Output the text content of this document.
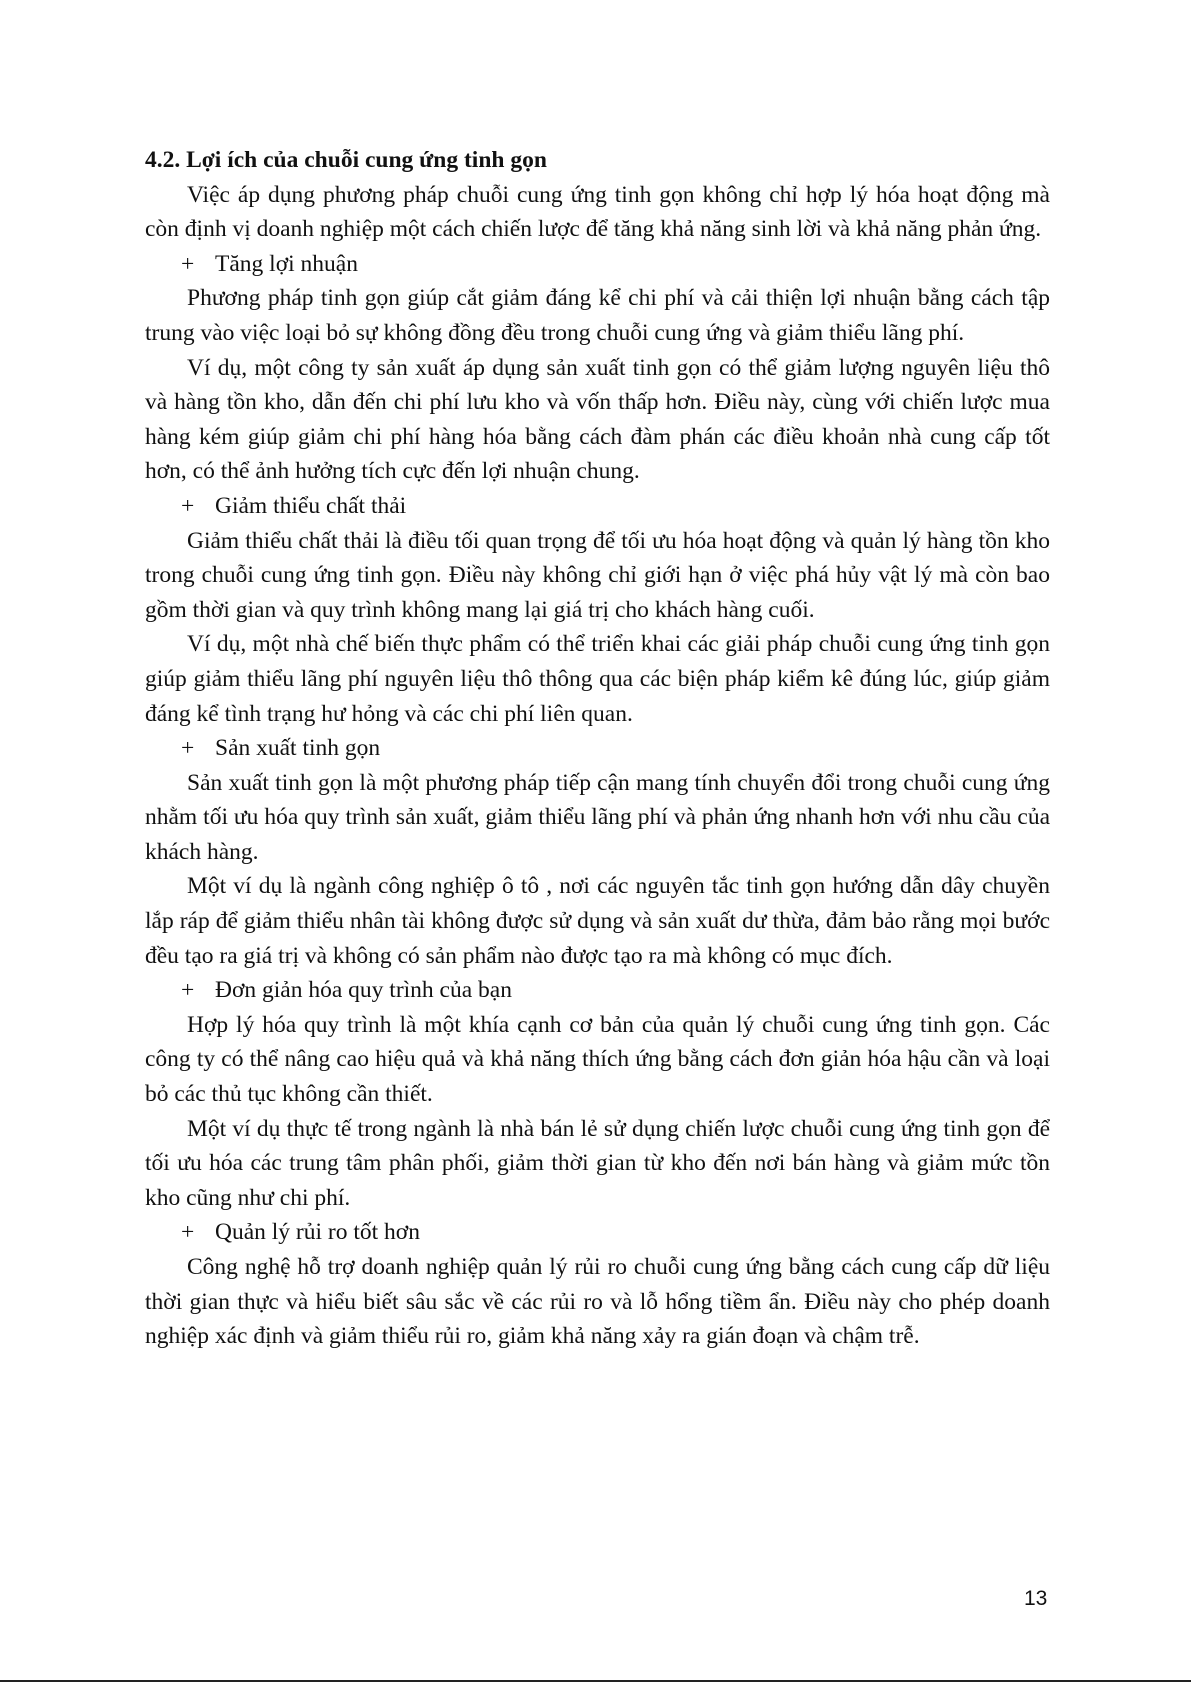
4.2. Lợi ích của chuỗi cung ứng tinh gọn

Việc áp dụng phương pháp chuỗi cung ứng tinh gọn không chỉ hợp lý hóa hoạt động mà còn định vị doanh nghiệp một cách chiến lược để tăng khả năng sinh lời và khả năng phản ứng.

+ Tăng lợi nhuận

Phương pháp tinh gọn giúp cắt giảm đáng kể chi phí và cải thiện lợi nhuận bằng cách tập trung vào việc loại bỏ sự không đồng đều trong chuỗi cung ứng và giảm thiểu lãng phí.

Ví dụ, một công ty sản xuất áp dụng sản xuất tinh gọn có thể giảm lượng nguyên liệu thô và hàng tồn kho, dẫn đến chi phí lưu kho và vốn thấp hơn. Điều này, cùng với chiến lược mua hàng kém giúp giảm chi phí hàng hóa bằng cách đàm phán các điều khoản nhà cung cấp tốt hơn, có thể ảnh hưởng tích cực đến lợi nhuận chung.

+ Giảm thiểu chất thải

Giảm thiểu chất thải là điều tối quan trọng để tối ưu hóa hoạt động và quản lý hàng tồn kho trong chuỗi cung ứng tinh gọn. Điều này không chỉ giới hạn ở việc phá hủy vật lý mà còn bao gồm thời gian và quy trình không mang lại giá trị cho khách hàng cuối.

Ví dụ, một nhà chế biến thực phẩm có thể triển khai các giải pháp chuỗi cung ứng tinh gọn giúp giảm thiểu lãng phí nguyên liệu thô thông qua các biện pháp kiểm kê đúng lúc, giúp giảm đáng kể tình trạng hư hỏng và các chi phí liên quan.

+ Sản xuất tinh gọn

Sản xuất tinh gọn là một phương pháp tiếp cận mang tính chuyển đổi trong chuỗi cung ứng nhằm tối ưu hóa quy trình sản xuất, giảm thiểu lãng phí và phản ứng nhanh hơn với nhu cầu của khách hàng.

Một ví dụ là ngành công nghiệp ô tô , nơi các nguyên tắc tinh gọn hướng dẫn dây chuyền lắp ráp để giảm thiểu nhân tài không được sử dụng và sản xuất dư thừa, đảm bảo rằng mọi bước đều tạo ra giá trị và không có sản phẩm nào được tạo ra mà không có mục đích.

+ Đơn giản hóa quy trình của bạn

Hợp lý hóa quy trình là một khía cạnh cơ bản của quản lý chuỗi cung ứng tinh gọn. Các công ty có thể nâng cao hiệu quả và khả năng thích ứng bằng cách đơn giản hóa hậu cần và loại bỏ các thủ tục không cần thiết.

Một ví dụ thực tế trong ngành là nhà bán lẻ sử dụng chiến lược chuỗi cung ứng tinh gọn để tối ưu hóa các trung tâm phân phối, giảm thời gian từ kho đến nơi bán hàng và giảm mức tồn kho cũng như chi phí.

+ Quản lý rủi ro tốt hơn

Công nghệ hỗ trợ doanh nghiệp quản lý rủi ro chuỗi cung ứng bằng cách cung cấp dữ liệu thời gian thực và hiểu biết sâu sắc về các rủi ro và lỗ hổng tiềm ẩn. Điều này cho phép doanh nghiệp xác định và giảm thiểu rủi ro, giảm khả năng xảy ra gián đoạn và chậm trễ.

13
